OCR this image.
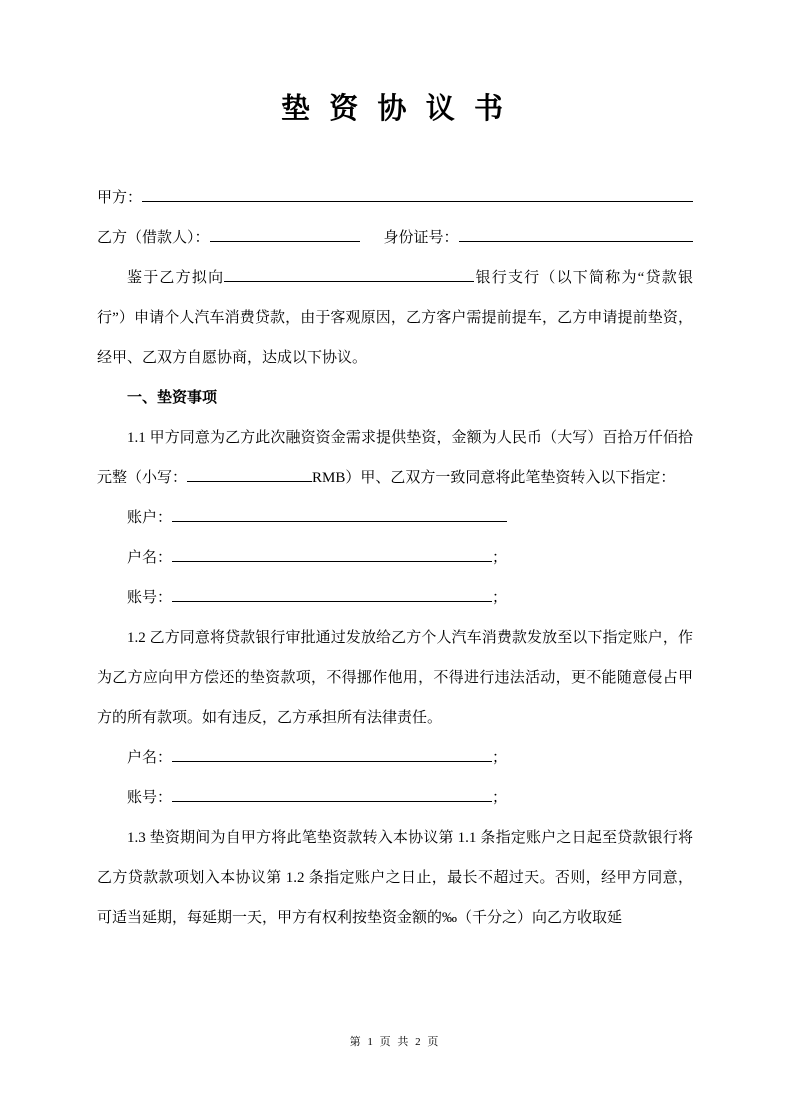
垫 资 协 议 书

甲方：

乙方（借款人）：	身份证号：

鉴于乙方拟向	银行支行（以下简称为“贷款银行”）申请个人汽车消费贷款，由于客观原因，乙方客户需提前提车，乙方申请提前垫资，经甲、乙双方自愿协商，达成以下协议。

一、垫资事项

1.1 甲方同意为乙方此次融资资金需求提供垫资，金额为人民币（大写）百拾万仟佰拾元整（小写：	RMB）甲、乙双方一致同意将此笔垫资转入以下指定：

账户：

户名：	；

账号：	；

1.2 乙方同意将贷款银行审批通过发放给乙方个人汽车消费款发放至以下指定账户，作为乙方应向甲方偿还的垫资款项，不得挪作他用，不得进行违法活动，更不能随意侵占甲方的所有款项。如有违反，乙方承担所有法律责任。

户名：	；

账号：	；

1.3 垫资期间为自甲方将此笔垫资款转入本协议第 1.1 条指定账户之日起至贷款银行将乙方贷款款项划入本协议第 1.2 条指定账户之日止，最长不超过天。否则，经甲方同意，可适当延期，每延期一天，甲方有权利按垫资金额的‰（千分之）向乙方收取延

第 1 页 共 2 页
